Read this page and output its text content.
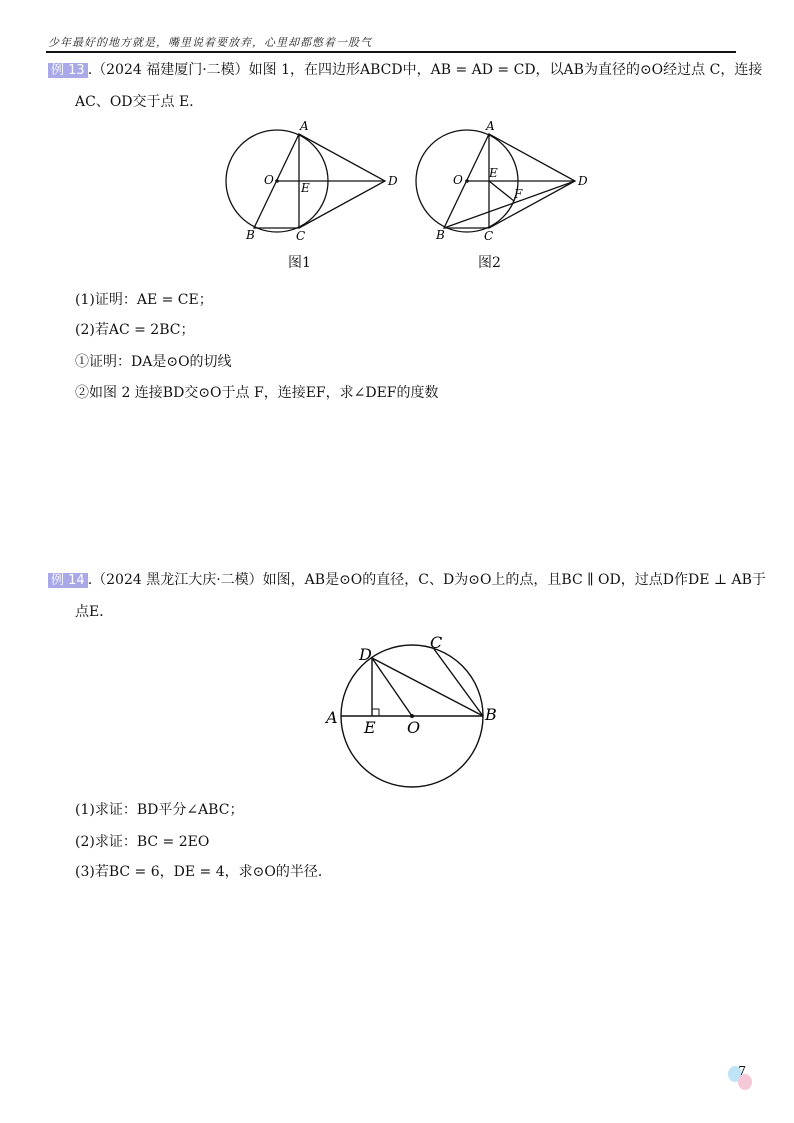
少年最好的地方就是，嘴里说着要放弃，心里却都憋着一股气
例 13 .（2024 福建厦门·二模）如图 1，在四边形ABCD中，AB = AD = CD，以AB为直径的⊙O经过点 C，连接
AC、OD交于点 E．
A
O
E	D
B	C
图1
A
O E
F
D
B	C
图2
(1)证明：AE = CE；
(2)若AC = 2BC；
①证明：DA是⊙O的切线
②如图 2 连接BD交⊙O于点 F，连接EF，求∠DEF的度数
例 14 .（2024 黑龙江大庆·二模）如图，AB是⊙O的直径，C、D为⊙O上的点，且BC ∥ OD，过点D作DE ⊥ AB于
点E．
D
C
A
E O
B
(1)求证：BD平分∠ABC；
(2)求证：BC = 2EO
(3)若BC = 6，DE = 4，求⊙O的半径．
7
